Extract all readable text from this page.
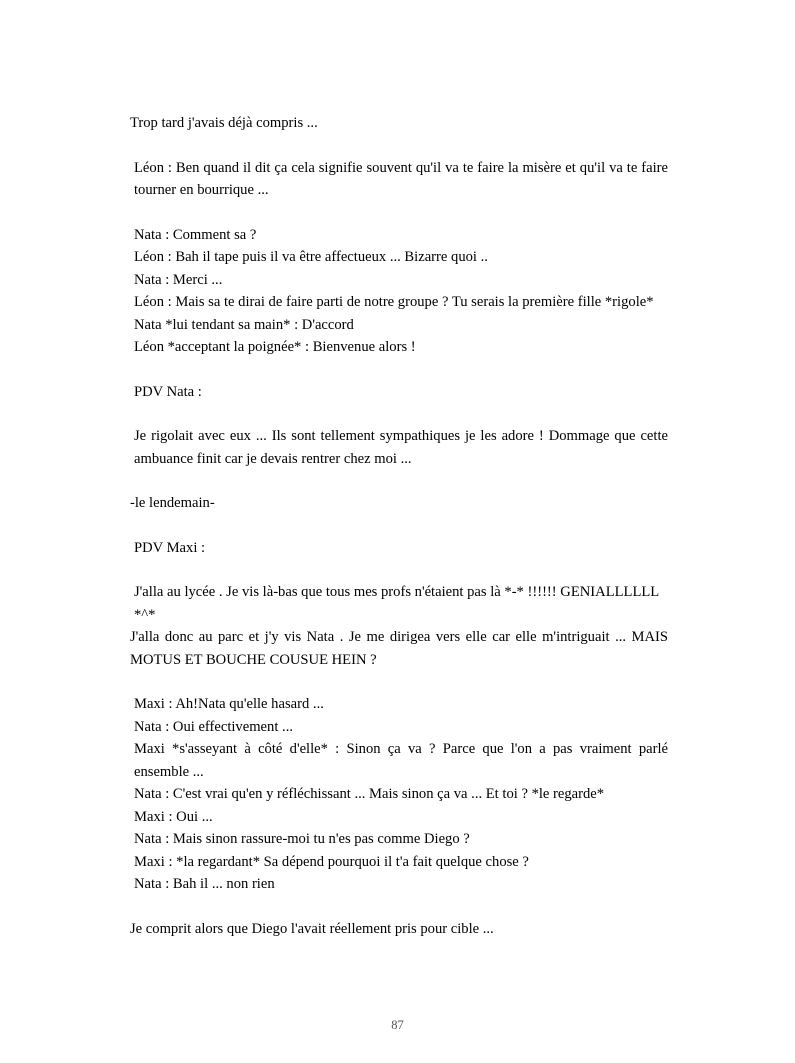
Trop tard j'avais déjà compris ...

Léon : Ben quand il dit ça cela signifie souvent qu'il va te faire la misère et qu'il va te faire tourner en bourrique ...

Nata : Comment sa ?

Léon : Bah il tape puis il va être affectueux ... Bizarre quoi ..

Nata : Merci ...

Léon : Mais sa te dirai de faire parti de notre groupe ? Tu serais la première fille *rigole*

Nata *lui tendant sa main* : D'accord

Léon *acceptant la poignée* : Bienvenue alors !

PDV Nata :

Je rigolait avec eux ... Ils sont tellement sympathiques je les adore ! Dommage que cette ambuance finit car je devais rentrer chez moi ...

-le lendemain-

PDV Maxi :

J'alla au lycée . Je vis là-bas que tous mes profs n'étaient pas là *-* !!!!!! GENIALLLLLL *^*

J'alla donc au parc et j'y vis Nata . Je me dirigea vers elle car elle m'intriguait ... MAIS MOTUS ET BOUCHE COUSUE HEIN ?

Maxi : Ah!Nata qu'elle hasard ...

Nata : Oui effectivement ...

Maxi *s'asseyant à côté d'elle* : Sinon ça va ? Parce que l'on a pas vraiment parlé ensemble ...

Nata : C'est vrai qu'en y réfléchissant ... Mais sinon ça va ... Et toi ? *le regarde*

Maxi : Oui ...

Nata : Mais sinon rassure-moi tu n'es pas comme Diego ?

Maxi : *la regardant* Sa dépend pourquoi il t'a fait quelque chose ?

Nata : Bah il ... non rien

Je comprit alors que Diego l'avait réellement pris pour cible ...

87
